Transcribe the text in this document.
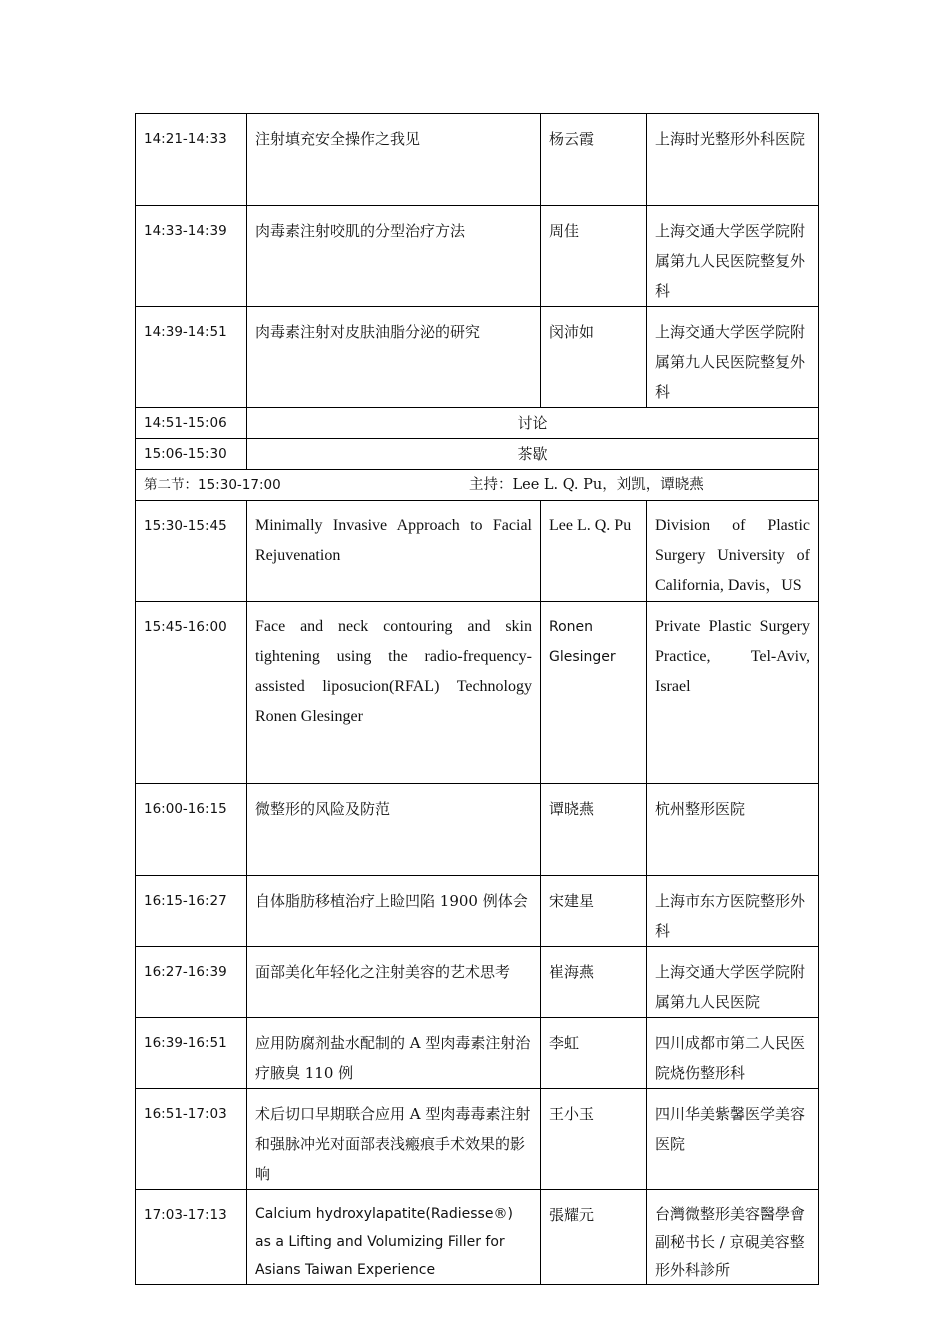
14:21-14:33	注射填充安全操作之我见	杨云霞	上海时光整形外科医院
14:33-14:39	肉毒素注射咬肌的分型治疗方法	周佳	上海交通大学医学院附属第九人民医院整复外科
14:39-14:51	肉毒素注射对皮肤油脂分泌的研究	闵沛如	上海交通大学医学院附属第九人民医院整复外科
14:51-15:06	讨论		
15:06-15:30	茶歇		

第二节：15:30-17:00 主持：Lee L. Q. Pu，刘凯，谭晓燕			

15:30-15:45	Minimally Invasive Approach to Facial Rejuvenation	Lee L. Q. Pu	Division of Plastic Surgery University of California, Davis，US
15:45-16:00	Face and neck contouring and skin tightening using the radio-frequency-assisted liposucion(RFAL) Technology Ronen Glesinger	Ronen Glesinger	Private Plastic Surgery Practice, Tel-Aviv, Israel
16:00-16:15	微整形的风险及防范	谭晓燕	杭州整形医院
16:15-16:27	自体脂肪移植治疗上睑凹陷 1900 例体会	宋建星	上海市东方医院整形外科
16:27-16:39	面部美化年轻化之注射美容的艺术思考	崔海燕	上海交通大学医学院附属第九人民医院
16:39-16:51	应用防腐剂盐水配制的 A 型肉毒素注射治疗腋臭 110 例	李虹	四川成都市第二人民医院烧伤整形科
16:51-17:03	术后切口早期联合应用 A 型肉毒毒素注射和强脉冲光对面部表浅瘢痕手术效果的影响	王小玉	四川华美紫馨医学美容医院
17:03-17:13	Calcium hydroxylapatite(Radiesse®) as a Lifting and Volumizing Filler for Asians Taiwan Experience	張耀元	台灣微整形美容醫學會 副秘书长 / 京硯美容整形外科診所
